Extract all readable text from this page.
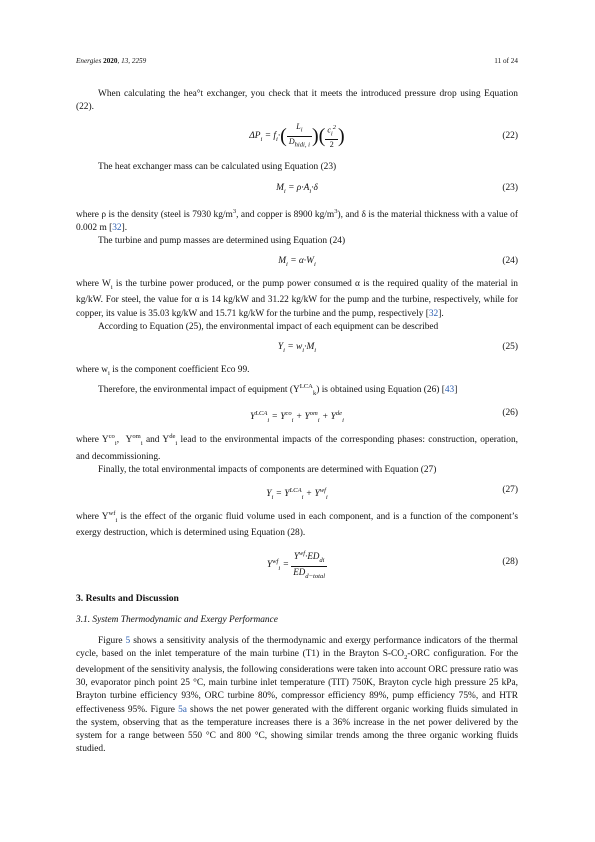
Energies 2020, 13, 2259	11 of 24

When calculating the hea°t exchanger, you check that it meets the introduced pressure drop using Equation (22).

$\Delta P_i = f_i\cdot( \frac{L_i}{D_{hidi, i}}$ )( $\frac{c_i^2}{2}$ )	(22)

The heat exchanger mass can be calculated using Equation (23)

$M_i = \rho\cdot A_i\cdot\delta$	(23)

where ρ is the density (steel is 7930 $kg/m^3$, and copper is 8900 $kg/m^3$), and δ is the material thickness with a value of 0.002 m [32].

The turbine and pump masses are determined using Equation (24)

$M_i = \alpha\cdot W_i$	(24)

where $W_i$ is the turbine power produced, or the pump power consumed α is the required quality of the material in kg/kW. For steel, the value for α is 14 kg/kW and 31.22 kg/kW for the pump and the turbine, respectively, while for copper, its value is 35.03 kg/kW and 15.71 kg/kW for the turbine and the pump, respectively [32].

According to Equation (25), the environmental impact of each equipment can be described

$Y_i = w_i\cdot M_i$	(25)

where $w_i$ is the component coefficient Eco 99.

Therefore, the environmental impact of equipment $(Y^{LCA}_k)$ is obtained using Equation (26) [43]

$Y^{LCA}_i = Y^{co}_i + Y^{om}_i + Y^{de}_i$
(26)

where $Y^{co}_i$,  $Y^{om}_i$ and $Y^{de}_i$ lead to the environmental impacts of the corresponding phases: construction, operation, and decommissioning.

Finally, the total environmental impacts of components are determined with Equation (27)

$Y_i = Y^{LCA}_i + Y^{wf}_i$
(27)

where $Y^{wf}_i$ is the effect of the organic fluid volume used in each component, and is a function of the component’s exergy destruction, which is determined using Equation (28).

$Y^{wf}_i = \frac{Y^{wf}\cdot ED_{di}}{ED_{d-total}}$	(28)
3. Results and Discussion
3.1. System Thermodynamic and Exergy Performance

Figure 5 shows a sensitivity analysis of the thermodynamic and exergy performance indicators of the thermal cycle, based on the inlet temperature of the main turbine (T1) in the Brayton $S-CO_2$-ORC configuration. For the development of the sensitivity analysis, the following considerations were taken into account ORC pressure ratio was 30, evaporator pinch point 25 °C, main turbine inlet temperature (TIT) 750K, Brayton cycle high pressure 25 kPa, Brayton turbine efficiency 93%, ORC turbine 80%, compressor efficiency 89%, pump efficiency 75%, and HTR effectiveness 95%. Figure 5a shows the net power generated with the different organic working fluids simulated in the system, observing that as the temperature increases there is a 36% increase in the net power delivered by the system for a range between 550 °C and 800 °C, showing similar trends among the three organic working fluids studied.
